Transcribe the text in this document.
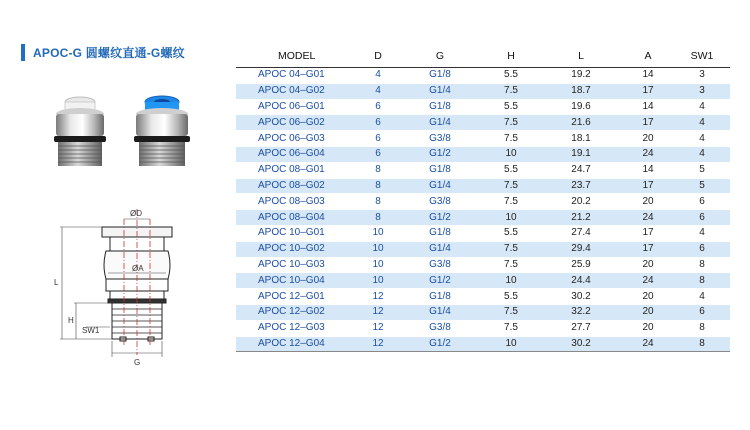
APOC-G 圆螺纹直通-G螺纹
ØD
ØA
L
H
SW1
G
MODEL	D	G	H	L	A	SW1
APOC 04–G01	4	G1/8	5.5	19.2	14	3
APOC 04–G02	4	G1/4	7.5	18.7	17	3
APOC 06–G01	6	G1/8	5.5	19.6	14	4
APOC 06–G02	6	G1/4	7.5	21.6	17	4
APOC 06–G03	6	G3/8	7.5	18.1	20	4
APOC 06–G04	6	G1/2	10	19.1	24	4
APOC 08–G01	8	G1/8	5.5	24.7	14	5
APOC 08–G02	8	G1/4	7.5	23.7	17	5
APOC 08–G03	8	G3/8	7.5	20.2	20	6
APOC 08–G04	8	G1/2	10	21.2	24	6
APOC 10–G01	10	G1/8	5.5	27.4	17	4
APOC 10–G02	10	G1/4	7.5	29.4	17	6
APOC 10–G03	10	G3/8	7.5	25.9	20	8
APOC 10–G04	10	G1/2	10	24.4	24	8
APOC 12–G01	12	G1/8	5.5	30.2	20	4
APOC 12–G02	12	G1/4	7.5	32.2	20	6
APOC 12–G03	12	G3/8	7.5	27.7	20	8
APOC 12–G04	12	G1/2	10	30.2	24	8
